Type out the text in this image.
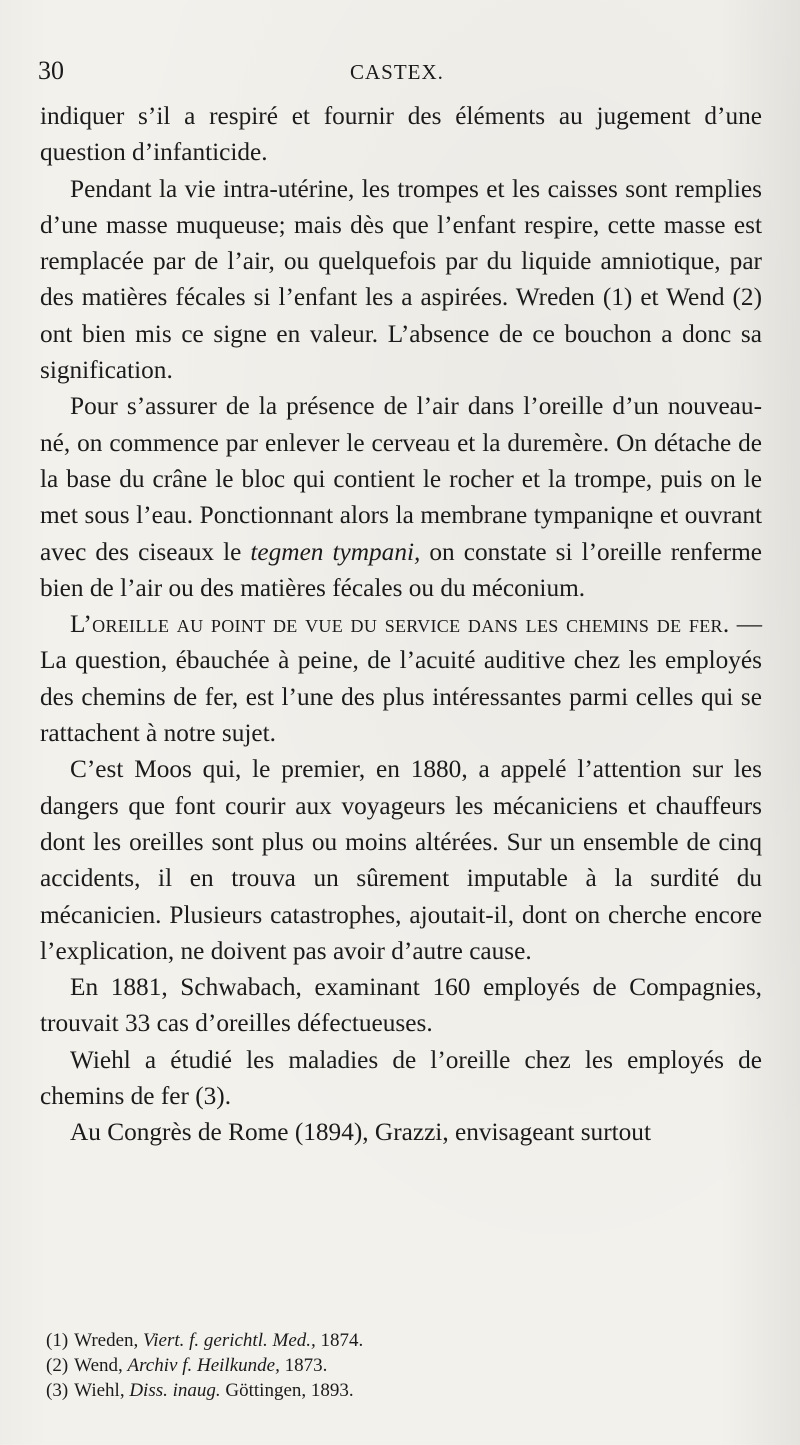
30	CASTEX.

indiquer s’il a respiré et fournir des éléments au jugement d’une question d’infanticide.

Pendant la vie intra-utérine, les trompes et les caisses sont remplies d’une masse muqueuse; mais dès que l’enfant respire, cette masse est remplacée par de l’air, ou quelquefois par du liquide amniotique, par des matières fécales si l’enfant les a aspirées. Wreden (1) et Wend (2) ont bien mis ce signe en valeur. L’absence de ce bouchon a donc sa signification.

Pour s’assurer de la présence de l’air dans l’oreille d’un nouveau-né, on commence par enlever le cerveau et la duremère. On détache de la base du crâne le bloc qui contient le rocher et la trompe, puis on le met sous l’eau. Ponctionnant alors la membrane tympaniqne et ouvrant avec des ciseaux le tegmen tympani, on constate si l’oreille renferme bien de l’air ou des matières fécales ou du méconium.

L’oreille au point de vue du service dans les chemins de fer. — La question, ébauchée à peine, de l’acuité auditive chez les employés des chemins de fer, est l’une des plus intéressantes parmi celles qui se rattachent à notre sujet.

C’est Moos qui, le premier, en 1880, a appelé l’attention sur les dangers que font courir aux voyageurs les mécaniciens et chauffeurs dont les oreilles sont plus ou moins altérées. Sur un ensemble de cinq accidents, il en trouva un sûrement imputable à la surdité du mécanicien. Plusieurs catastrophes, ajoutait-il, dont on cherche encore l’explication, ne doivent pas avoir d’autre cause.

En 1881, Schwabach, examinant 160 employés de Compagnies, trouvait 33 cas d’oreilles défectueuses.

Wiehl a étudié les maladies de l’oreille chez les employés de chemins de fer (3).

Au Congrès de Rome (1894), Grazzi, envisageant surtout

(1) Wreden, Viert. f. gerichtl. Med., 1874.

(2) Wend, Archiv f. Heilkunde, 1873.

(3) Wiehl, Diss. inaug. Göttingen, 1893.
